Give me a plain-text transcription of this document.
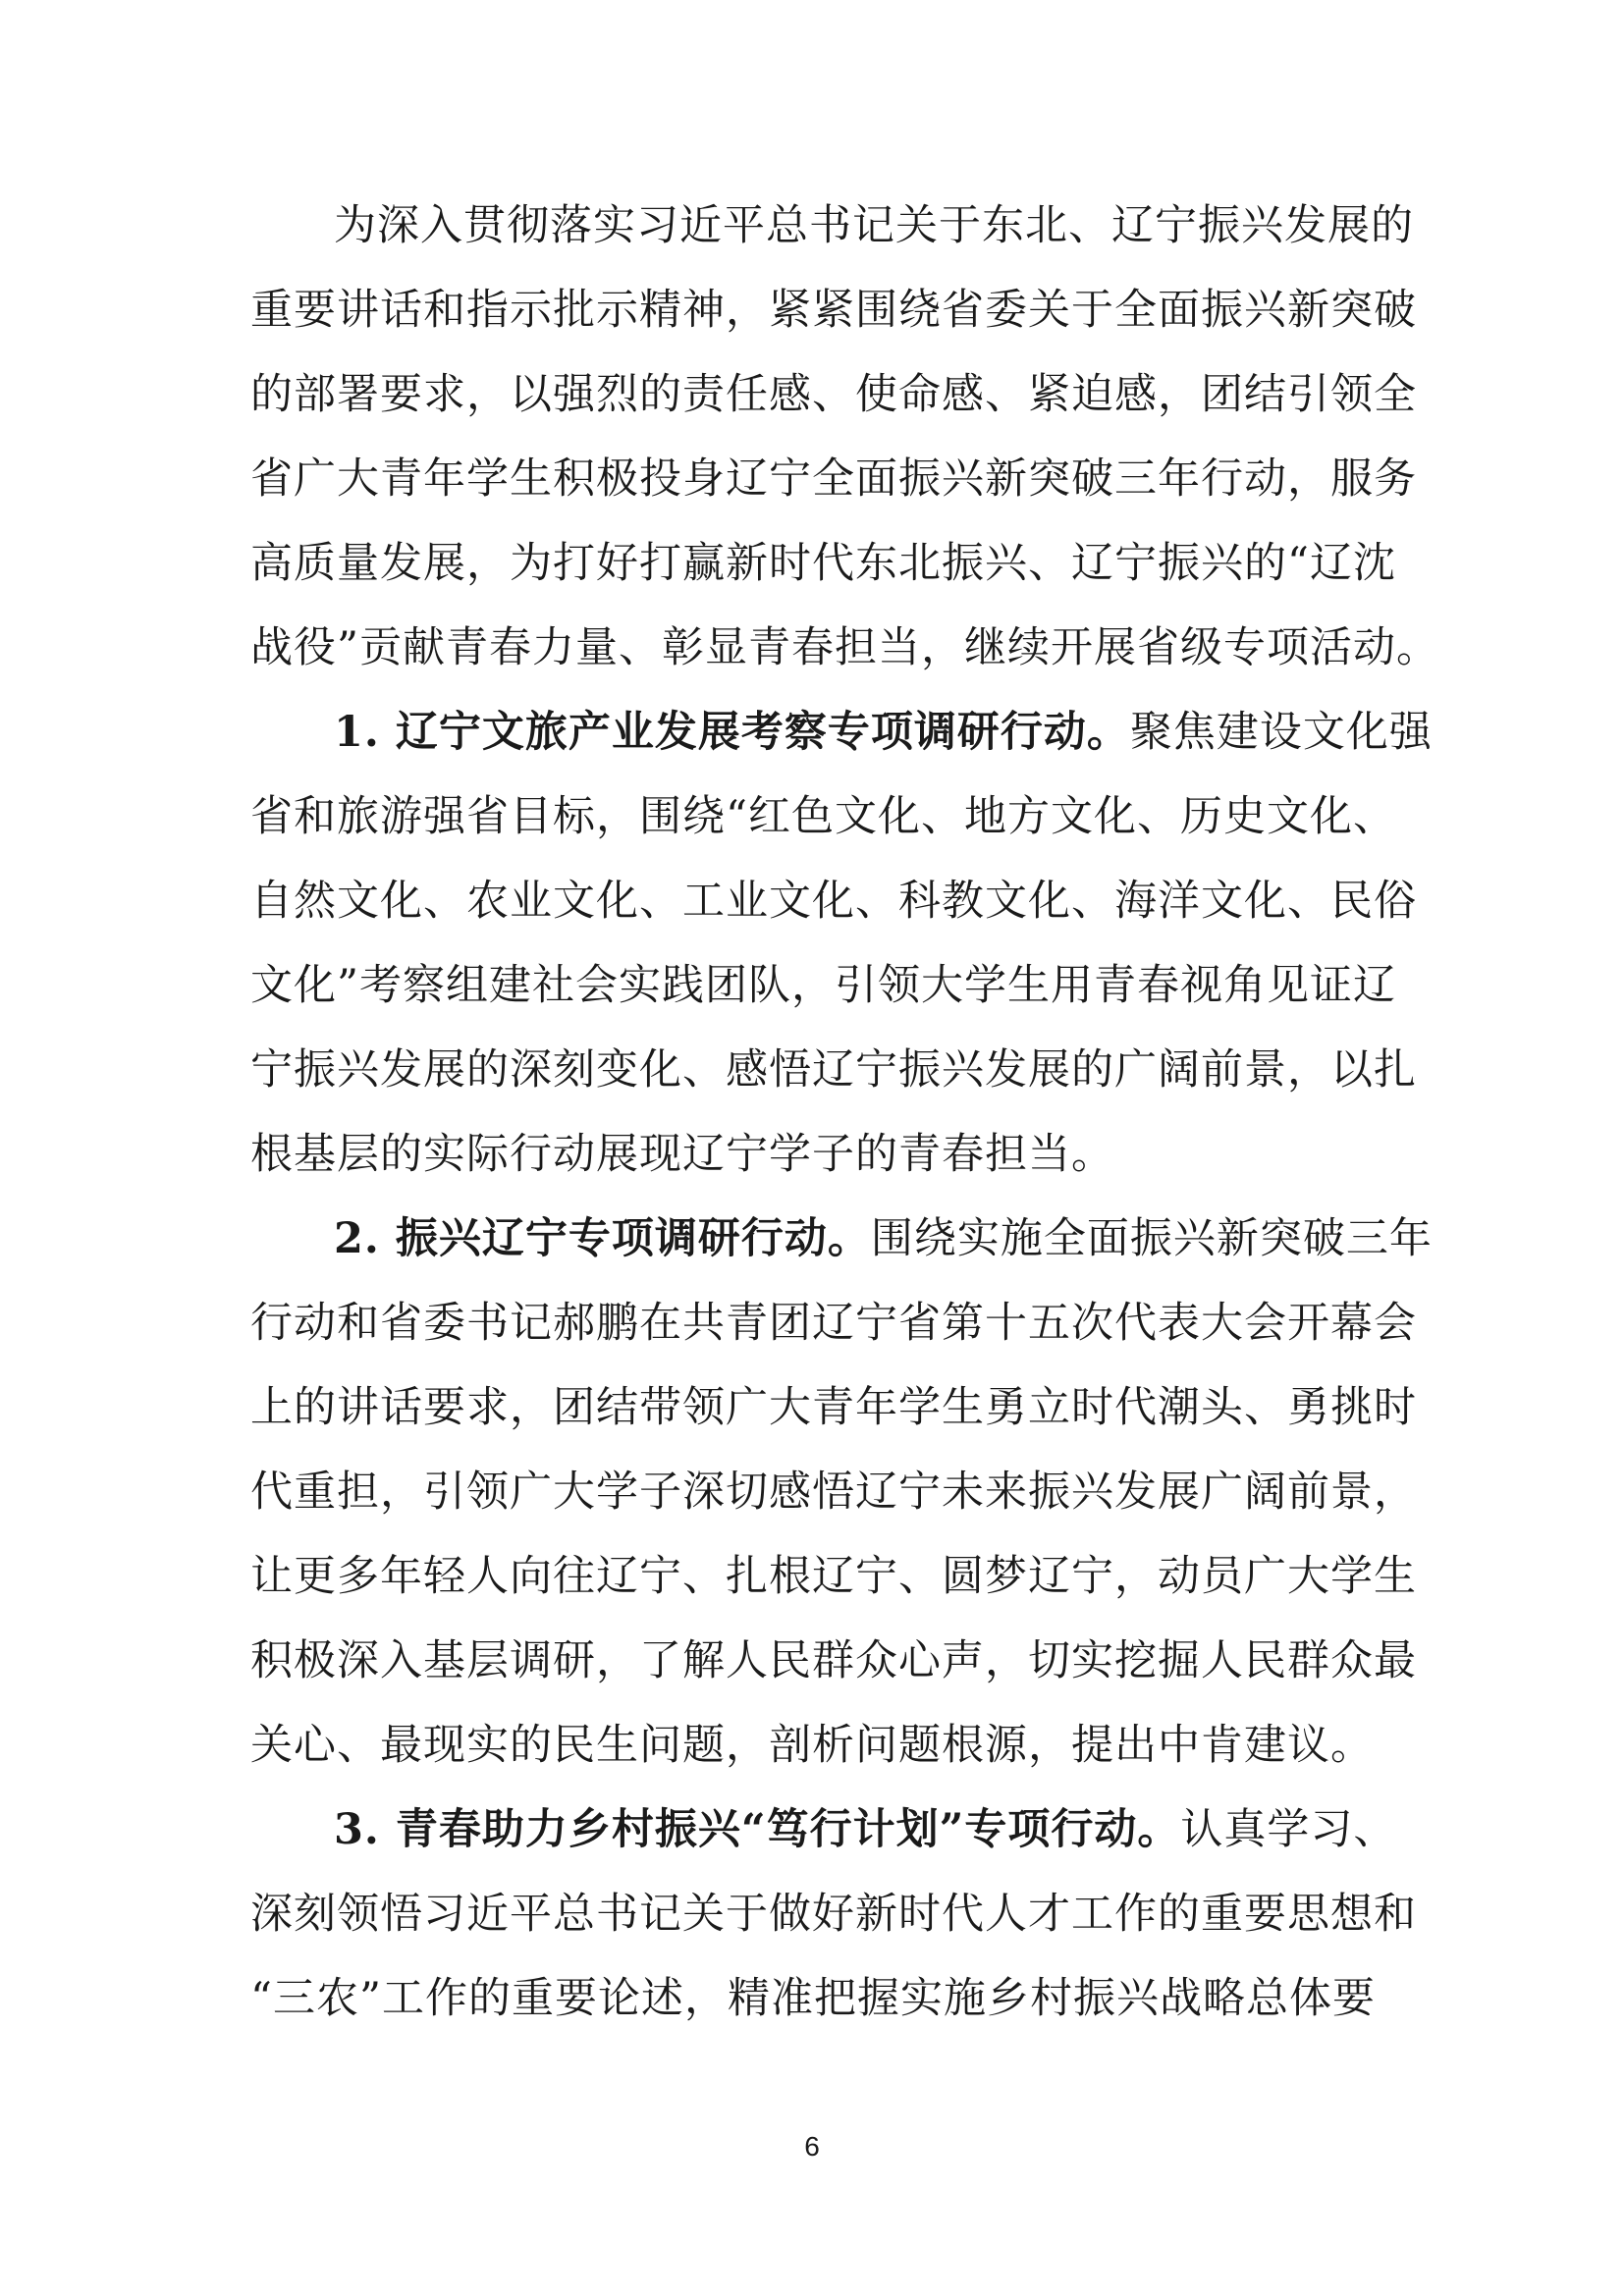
为深入贯彻落实习近平总书记关于东北、辽宁振兴发展的
重要讲话和指示批示精神，紧紧围绕省委关于全面振兴新突破
的部署要求，以强烈的责任感、使命感、紧迫感，团结引领全
省广大青年学生积极投身辽宁全面振兴新突破三年行动，服务
高质量发展，为打好打赢新时代东北振兴、辽宁振兴的“辽沈
战役”贡献青春力量、彰显青春担当，继续开展省级专项活动。
1. 辽宁文旅产业发展考察专项调研行动。聚焦建设文化强
省和旅游强省目标，围绕“红色文化、地方文化、历史文化、
自然文化、农业文化、工业文化、科教文化、海洋文化、民俗
文化”考察组建社会实践团队，引领大学生用青春视角见证辽
宁振兴发展的深刻变化、感悟辽宁振兴发展的广阔前景，以扎
根基层的实际行动展现辽宁学子的青春担当。
2. 振兴辽宁专项调研行动。围绕实施全面振兴新突破三年
行动和省委书记郝鹏在共青团辽宁省第十五次代表大会开幕会
上的讲话要求，团结带领广大青年学生勇立时代潮头、勇挑时
代重担，引领广大学子深切感悟辽宁未来振兴发展广阔前景，
让更多年轻人向往辽宁、扎根辽宁、圆梦辽宁，动员广大学生
积极深入基层调研，了解人民群众心声，切实挖掘人民群众最
关心、最现实的民生问题，剖析问题根源，提出中肯建议。
3. 青春助力乡村振兴“笃行计划”专项行动。认真学习、
深刻领悟习近平总书记关于做好新时代人才工作的重要思想和
“三农”工作的重要论述，精准把握实施乡村振兴战略总体要
6
